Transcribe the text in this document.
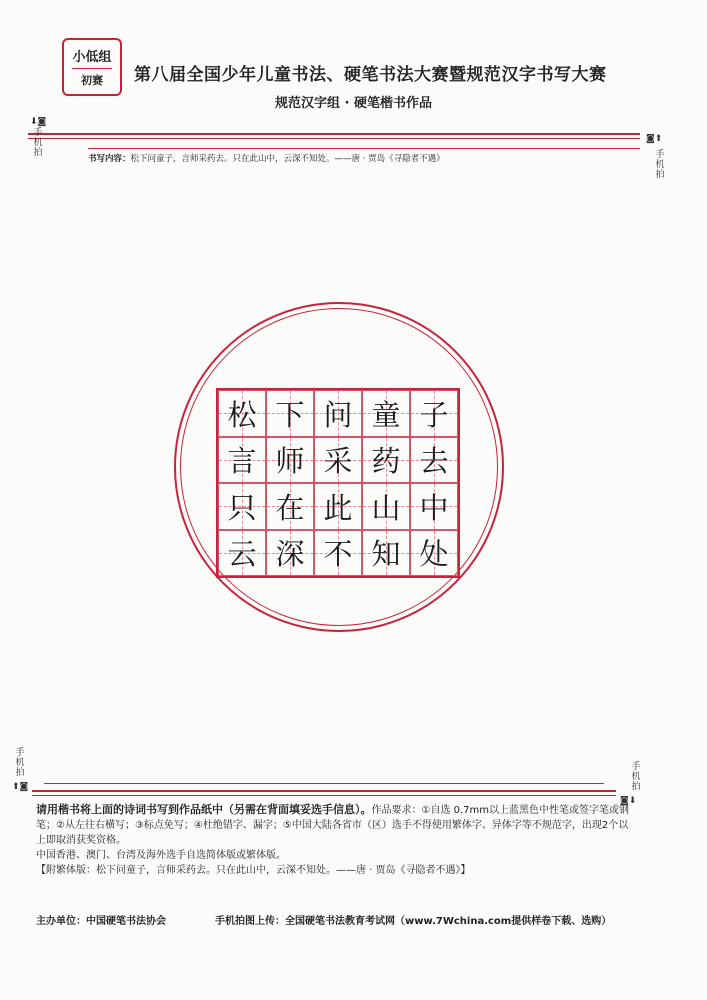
小低组
初赛 第八届全国少年儿童书法、硬笔书法大赛暨规范汉字书写大赛
规范汉字组 · 硬笔楷书作品
⬇◙
手
机
拍
◙⬆
手
机
拍
书写内容：松下问童子，言师采药去。只在此山中，云深不知处。——唐 · 贾岛《寻隐者不遇》
松 下 问 童 子
言 师 采 药 去
只 在 此 山 中
云 深 不 知 处
手
机
拍
⬆◙
手
机
拍
◙⬇
请用楷书将上面的诗词书写到作品纸中（另需在背面填妥选手信息）。作品要求：①自选 0.7mm以上蓝黑色中性笔或签字笔或钢笔；②从左往右横写；③标点免写；④杜绝错字、漏字；⑤中国大陆各省市（区）选手不得使用繁体字、异体字等不规范字，出现2个以上即取消获奖资格。
中国香港、澳门、台湾及海外选手自选简体版或繁体版。
【附繁体版：松下问童子，言师采药去。只在此山中，云深不知处。——唐 · 贾岛《寻隐者不遇》】
主办单位：中国硬笔书法协会	手机拍图上传：全国硬笔书法教育考试网（www.7Wchina.com提供样卷下载、选购）
